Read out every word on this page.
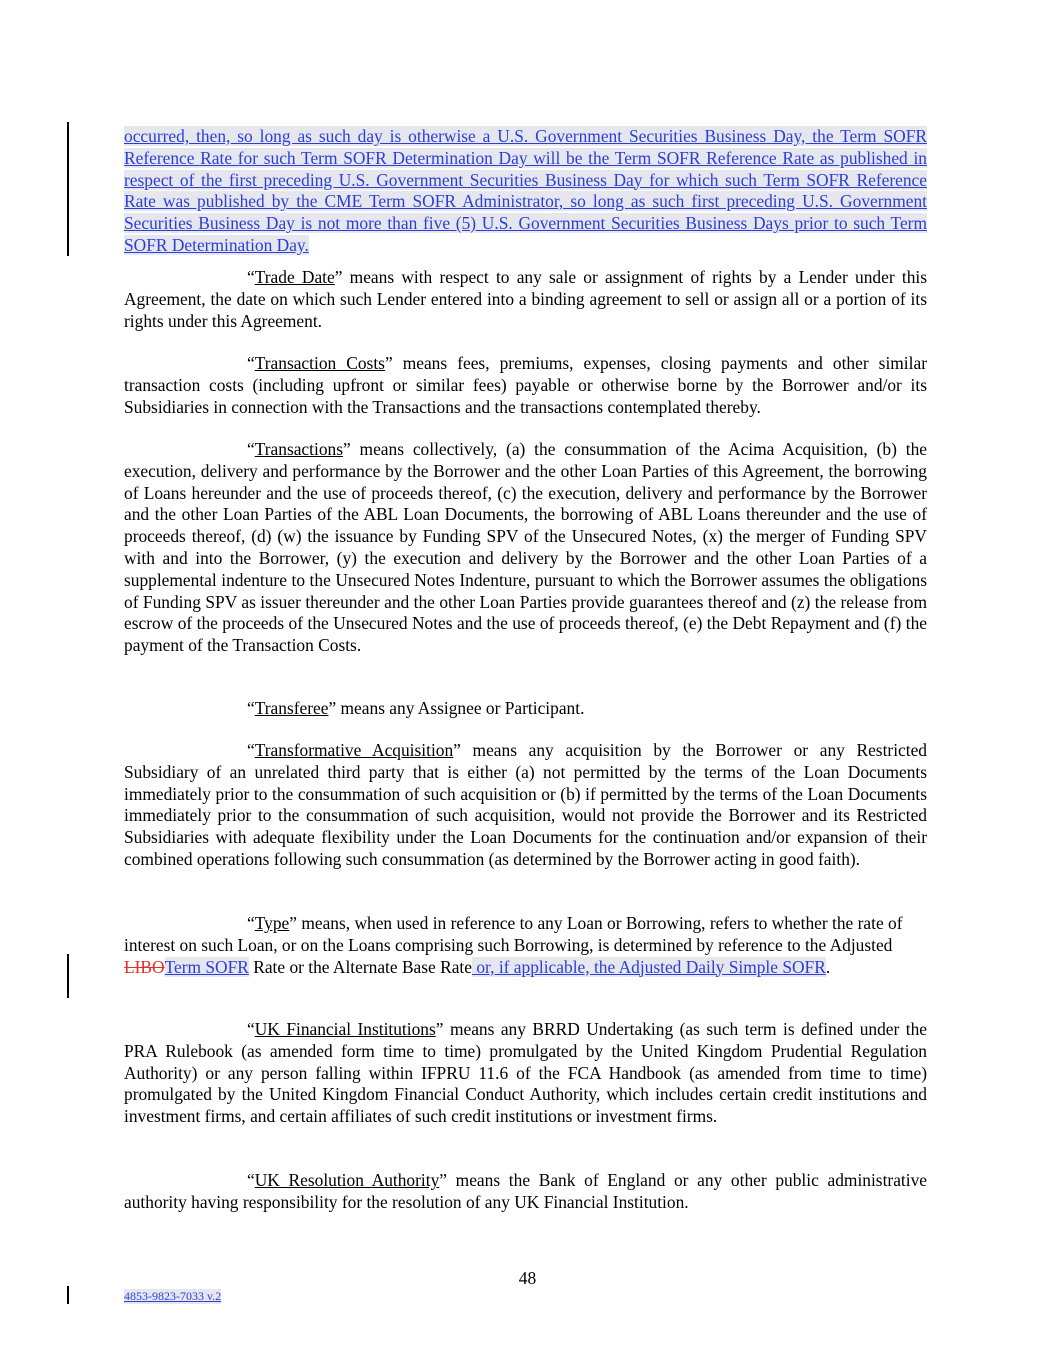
occurred, then, so long as such day is otherwise a U.S. Government Securities Business Day, the Term SOFR Reference Rate for such Term SOFR Determination Day will be the Term SOFR Reference Rate as published in respect of the first preceding U.S. Government Securities Business Day for which such Term SOFR Reference Rate was published by the CME Term SOFR Administrator, so long as such first preceding U.S. Government Securities Business Day is not more than five (5) U.S. Government Securities Business Days prior to such Term SOFR Determination Day.
“Trade Date” means with respect to any sale or assignment of rights by a Lender under this Agreement, the date on which such Lender entered into a binding agreement to sell or assign all or a portion of its rights under this Agreement.
“Transaction Costs” means fees, premiums, expenses, closing payments and other similar transaction costs (including upfront or similar fees) payable or otherwise borne by the Borrower and/or its Subsidiaries in connection with the Transactions and the transactions contemplated thereby.
“Transactions” means collectively, (a) the consummation of the Acima Acquisition, (b) the execution, delivery and performance by the Borrower and the other Loan Parties of this Agreement, the borrowing of Loans hereunder and the use of proceeds thereof, (c) the execution, delivery and performance by the Borrower and the other Loan Parties of the ABL Loan Documents, the borrowing of ABL Loans thereunder and the use of proceeds thereof, (d) (w) the issuance by Funding SPV of the Unsecured Notes, (x) the merger of Funding SPV with and into the Borrower, (y) the execution and delivery by the Borrower and the other Loan Parties of a supplemental indenture to the Unsecured Notes Indenture, pursuant to which the Borrower assumes the obligations of Funding SPV as issuer thereunder and the other Loan Parties provide guarantees thereof and (z) the release from escrow of the proceeds of the Unsecured Notes and the use of proceeds thereof, (e) the Debt Repayment and (f) the payment of the Transaction Costs.
“Transferee” means any Assignee or Participant.
“Transformative Acquisition” means any acquisition by the Borrower or any Restricted Subsidiary of an unrelated third party that is either (a) not permitted by the terms of the Loan Documents immediately prior to the consummation of such acquisition or (b) if permitted by the terms of the Loan Documents immediately prior to the consummation of such acquisition, would not provide the Borrower and its Restricted Subsidiaries with adequate flexibility under the Loan Documents for the continuation and/or expansion of their combined operations following such consummation (as determined by the Borrower acting in good faith).
“Type” means, when used in reference to any Loan or Borrowing, refers to whether the rate of interest on such Loan, or on the Loans comprising such Borrowing, is determined by reference to the Adjusted LIBOTerm SOFR Rate or the Alternate Base Rate or, if applicable, the Adjusted Daily Simple SOFR.
“UK Financial Institutions” means any BRRD Undertaking (as such term is defined under the PRA Rulebook (as amended form time to time) promulgated by the United Kingdom Prudential Regulation Authority) or any person falling within IFPRU 11.6 of the FCA Handbook (as amended from time to time) promulgated by the United Kingdom Financial Conduct Authority, which includes certain credit institutions and investment firms, and certain affiliates of such credit institutions or investment firms.
“UK Resolution Authority” means the Bank of England or any other public administrative authority having responsibility for the resolution of any UK Financial Institution.
48
4853-9823-7033 v.2
